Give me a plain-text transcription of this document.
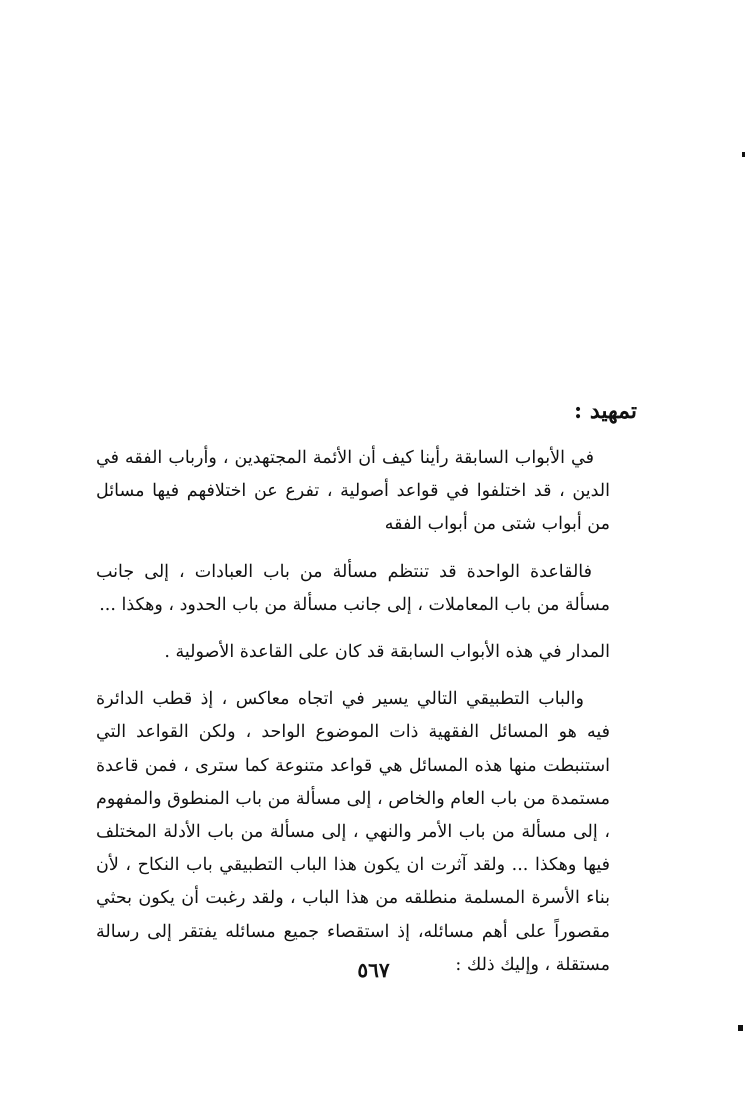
تمهيد :

في الأبواب السابقة رأينا كيف أن الأئمة المجتهدين ، وأرباب الفقه في الدين ، قد اختلفوا في قواعد أصولية ، تفرع عن اختلافهم فيها مسائل من أبواب شتى من أبواب الفقه

فالقاعدة الواحدة قد تنتظم مسألة من باب العبادات ، إلى جانب مسألة من باب المعاملات ، إلى جانب مسألة من باب الحدود ، وهكذا ...

المدار في هذه الأبواب السابقة قد كان على القاعدة الأصولية .

والباب التطبيقي التالي يسير في اتجاه معاكس ، إذ قطب الدائرة فيه هو المسائل الفقهية ذات الموضوع الواحد ، ولكن القواعد التي استنبطت منها هذه المسائل هي قواعد متنوعة كما سترى ، فمن قاعدة مستمدة من باب العام والخاص ، إلى مسألة من باب المنطوق والمفهوم ، إلى مسألة من باب الأمر والنهي ، إلى مسألة من باب الأدلة المختلف فيها وهكذا ... ولقد آثرت ان يكون هذا الباب التطبيقي باب النكاح ، لأن بناء الأسرة المسلمة منطلقه من هذا الباب ، ولقد رغبت أن يكون بحثي مقصوراً على أهم مسائله، إذ استقصاء جميع مسائله يفتقر إلى رسالة مستقلة ، وإليك ذلك :

٥٦٧
